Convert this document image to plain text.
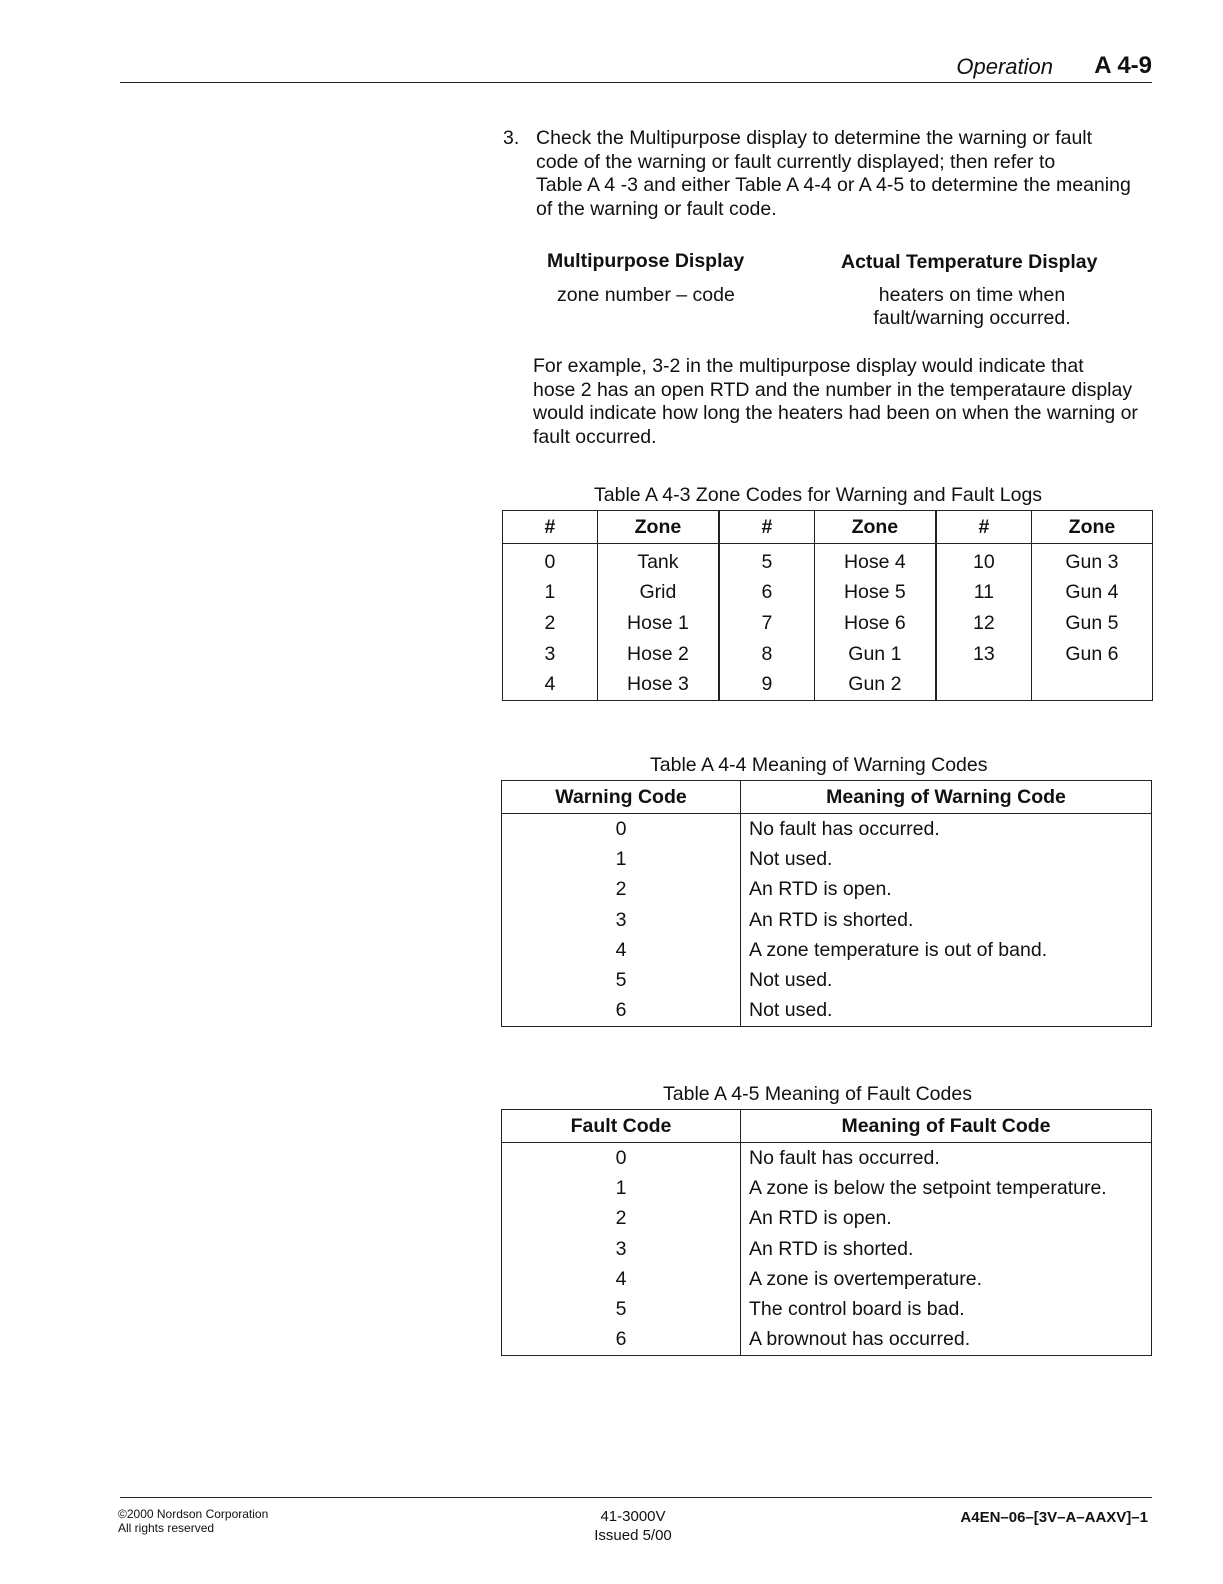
Operation A 4-9
3. Check the Multipurpose display to determine the warning or fault
code of the warning or fault currently displayed; then refer to
Table A 4 -3 and either Table A 4-4 or A 4-5 to determine the meaning
of the warning or fault code.
Multipurpose Display	Actual Temperature Display
zone number – code	heaters on time when
fault/warning occurred.
For example, 3-2 in the multipurpose display would indicate that
hose 2 has an open RTD and the number in the temperataure display
would indicate how long the heaters had been on when the warning or
fault occurred.
Table A 4-3 Zone Codes for Warning and Fault Logs
#	Zone	#	Zone	#	Zone
0	Tank	5	Hose 4	10	Gun 3
1	Grid	6	Hose 5	11	Gun 4
2	Hose 1	7	Hose 6	12	Gun 5
3	Hose 2	8	Gun 1	13	Gun 6
4	Hose 3	9	Gun 2		
Table A 4-4 Meaning of Warning Codes
Warning Code	Meaning of Warning Code
0	No fault has occurred.
1	Not used.
2	An RTD is open.
3	An RTD is shorted.
4	A zone temperature is out of band.
5	Not used.
6	Not used.
Table A 4-5 Meaning of Fault Codes
Fault Code	Meaning of Fault Code
0	No fault has occurred.
1	A zone is below the setpoint temperature.
2	An RTD is open.
3	An RTD is shorted.
4	A zone is overtemperature.
5	The control board is bad.
6	A brownout has occurred.
©2000 Nordson Corporation
All rights reserved
41-3000V
Issued 5/00
A4EN–06–[3V–A–AAXV]–1
